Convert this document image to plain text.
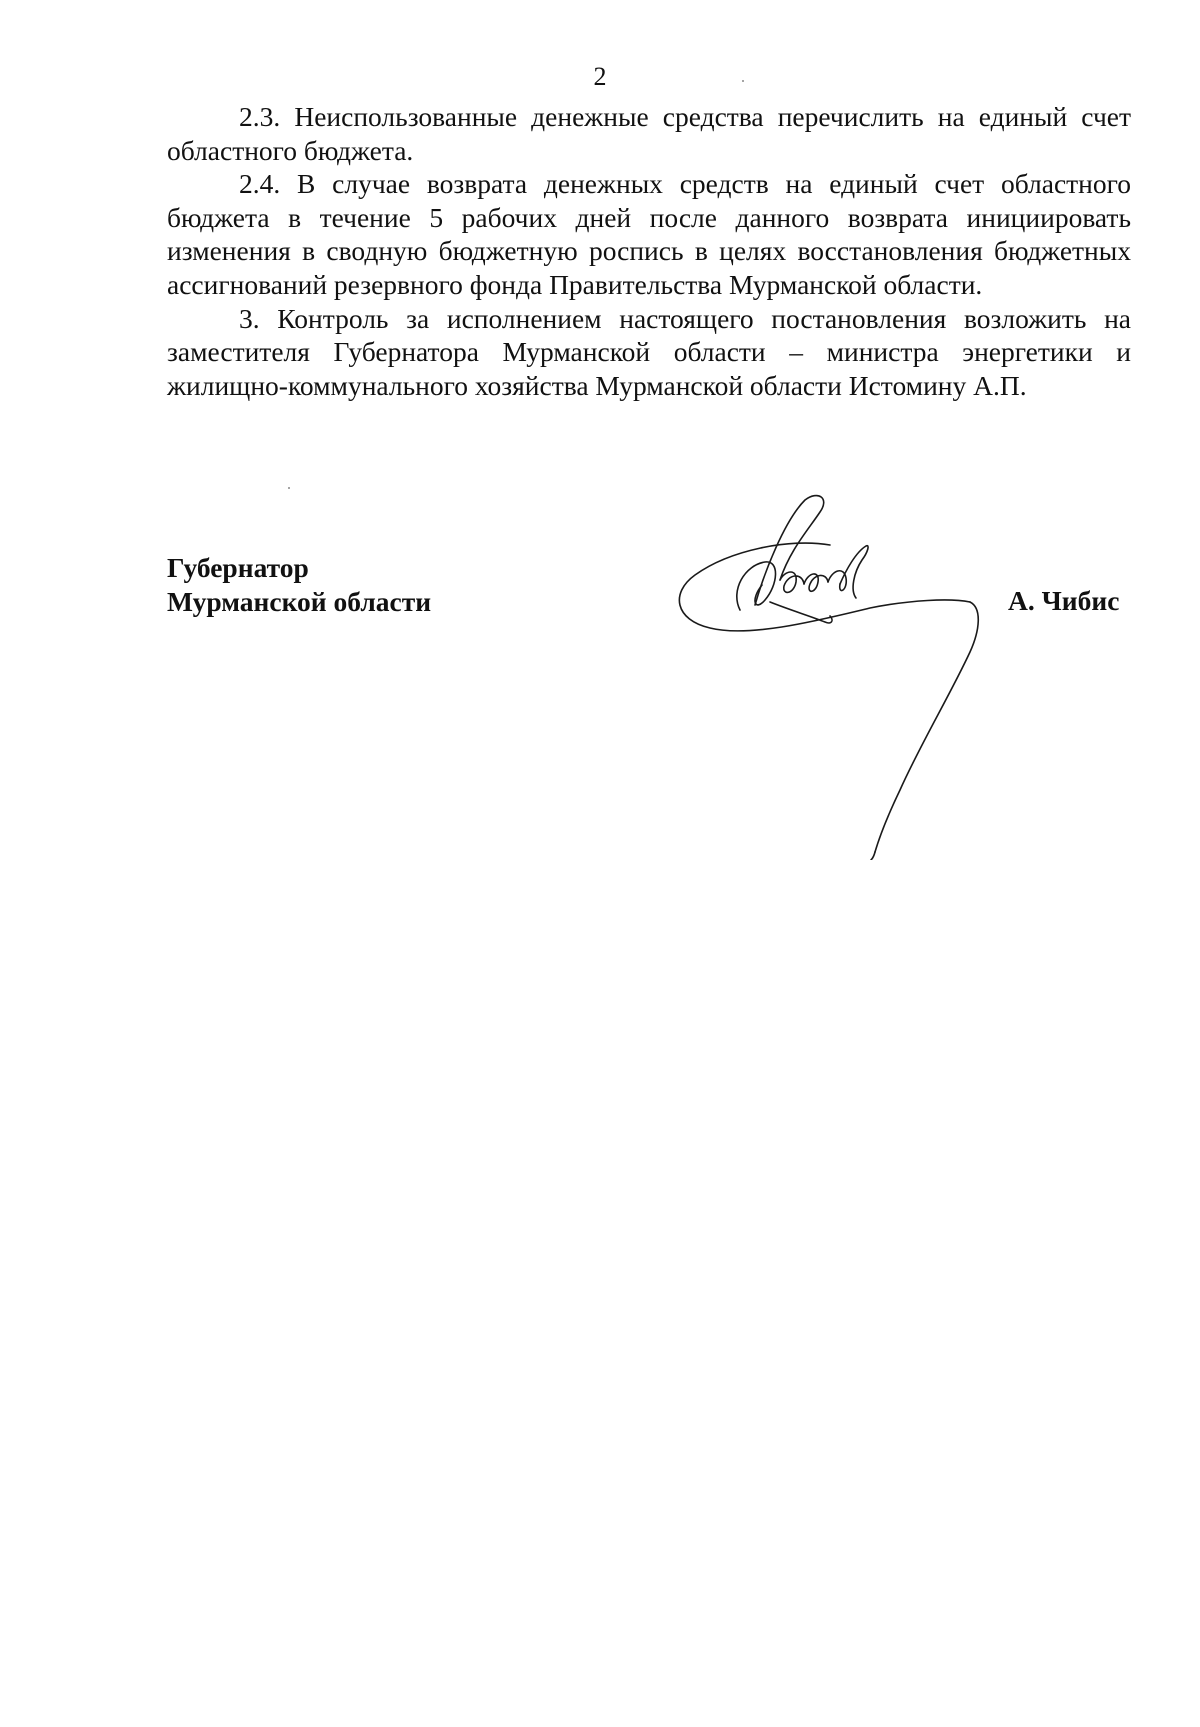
2

2.3. Неиспользованные денежные средства перечислить на единый счет областного бюджета.

2.4. В случае возврата денежных средств на единый счет областного бюджета в течение 5 рабочих дней после данного возврата инициировать изменения в сводную бюджетную роспись в целях восстановления бюджетных ассигнований резервного фонда Правительства Мурманской области.

3. Контроль за исполнением настоящего постановления возложить на заместителя Губернатора Мурманской области – министра энергетики и жилищно-коммунального хозяйства Мурманской области Истомину А.П.

Губернатор
Мурманской области	А. Чибис
